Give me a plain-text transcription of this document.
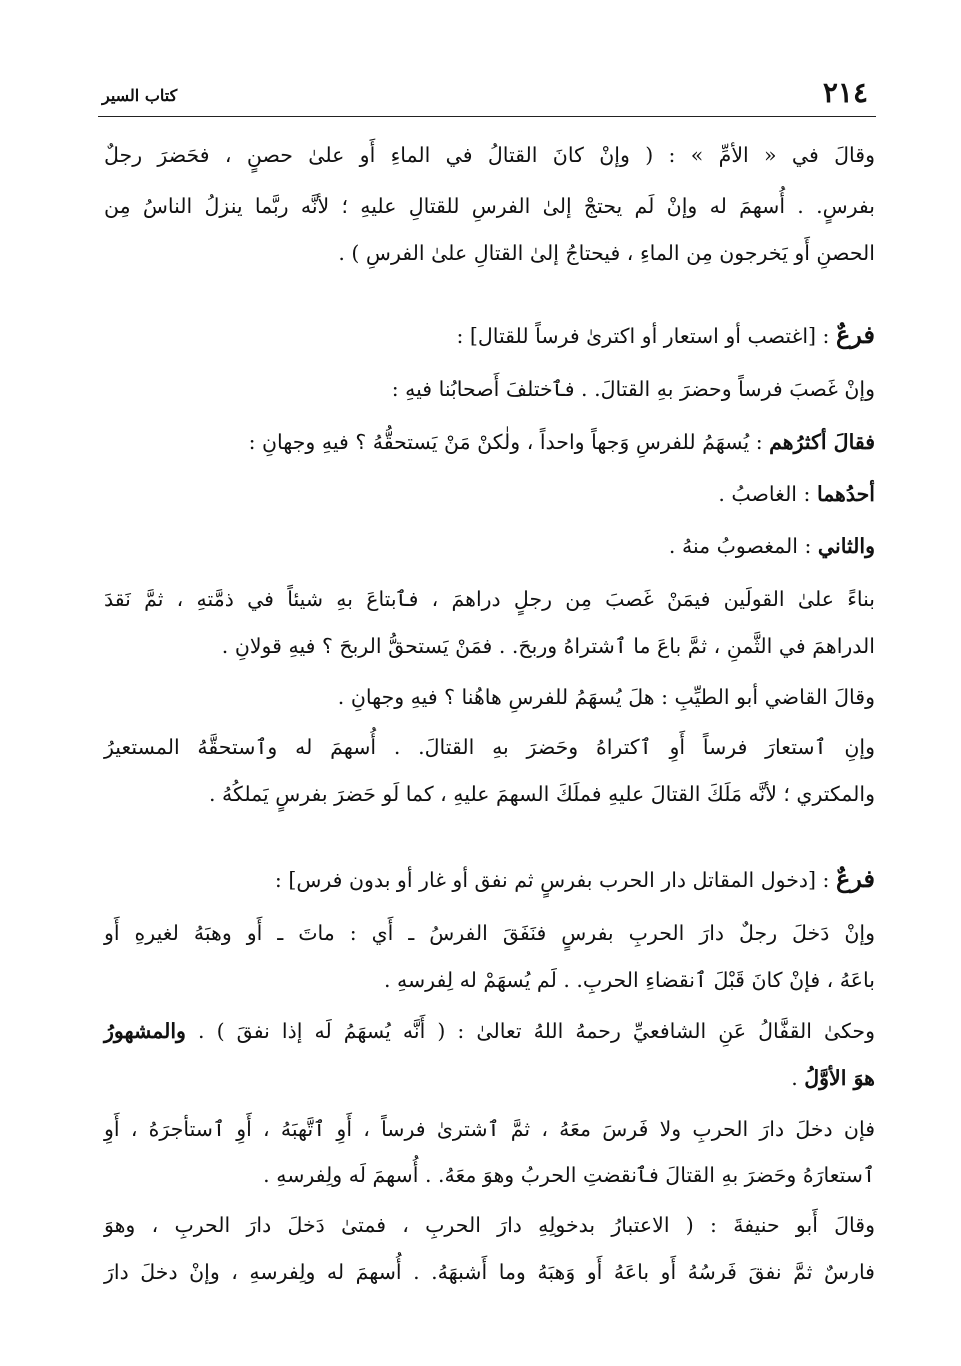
٢١٤
كتاب السير
وقالَ في « الأمِّ » : ( وإنْ كانَ القتالُ في الماءِ أَو علىٰ حصنٍ ، فحَضرَ رجلٌ
بفرسٍ. . أُسهمَ له وإنْ لَم يحتجْ إلىٰ الفرسِ للقتالِ عليهِ ؛ لأنَّه ربَّما ينزلُ الناسُ مِن
الحصنِ أَو يَخرجون مِن الماءِ ، فيحتاجُ إلىٰ القتالِ علىٰ الفرسِ ) .
فرعٌ : [اغتصب أو استعار أو اكترىٰ فرساً للقتال] :
وإنْ غَصبَ فرساً وحضرَ بهِ القتالَ. . فٱختلفَ أَصحابُنا فيهِ :
فقالَ أكثرُهم : يُسهَمُ للفرسِ وَجهاً واحداً ، ولٰكنْ مَنْ يَستحقُّهُ ؟ فيهِ وجهانِ :
أحدُهما : الغاصبُ .
والثاني : المغصوبُ منهُ .
بناءً علىٰ القولَين فيمَنْ غَصبَ مِن رجلٍ دراهمَ ، فٱبتاعَ بهِ شيئاً في ذمَّتهِ ، ثمَّ نَقدَ
الدراهمَ في الثَّمنِ ، ثمَّ باعَ ما ٱشتراهُ وربحَ. . فمَنْ يَستحقُّ الربحَ ؟ فيهِ قولانِ .
وقالَ القاضي أبو الطيِّبِ : هلَ يُسهَمُ للفرسِ هاهُنا ؟ فيهِ وجهانِ .
وإنِ ٱستعارَ فرساً أَوِ ٱكتراهُ وحَضرَ بهِ القتالَ. . أُسهمَ له وٱستحقَّهُ المستعيرُ
والمكتري ؛ لأنَّه مَلَكَ القتالَ عليهِ فملَكَ السهمَ عليهِ ، كما لَو حَضرَ بفرسٍ يَملكُهُ .
فرعٌ : [دخول المقاتل دار الحرب بفرسٍ ثم نفق أو غار أو بدون فرس] :
وإنْ دَخلَ رجلٌ دارَ الحربِ بفرسٍ فنَفَقَ الفرسُ ـ أَي : ماتَ ـ أَو وهبَهُ لغيرهِ أَو
باعَهُ ، فإنْ كانَ قَبْلَ ٱنقضاءِ الحربِ. . لَم يُسهَمْ له لِفرسهِ .
وحكىٰ القفَّالُ عَنِ الشافعيِّ رحمهُ اللهُ تعالىٰ : ( أَنَّه يُسهَمُ لَه إذا نفقَ ) . والمشهورُ
هوَ الأوَّلُ .
فإن دخلَ دارَ الحربِ ولا فَرسَ معَهُ ، ثمَّ ٱشترىٰ فرساً ، أَوِ ٱتَّهبَهُ ، أَوِ ٱستأجرَهُ ، أَوِ
ٱستعارَهُ وحَضرَ بهِ القتالَ فٱنقضتِ الحربُ وهوَ معَهُ. . أُسهمَ لَه ولِفرسهِ .
وقالَ أَبو حنيفةَ : ( الاعتبارُ بدخولِهِ دارَ الحربِ ، فمتىٰ دَخلَ دارَ الحربِ ، وهوَ
فارسٌ ثمَّ نفقَ فَرسُهُ أَو باعَهُ أَو وَهبَهُ وما أَشبهَهُ. . أُسهمَ له ولِفرسهِ ، وإنْ دخلَ دارَ
